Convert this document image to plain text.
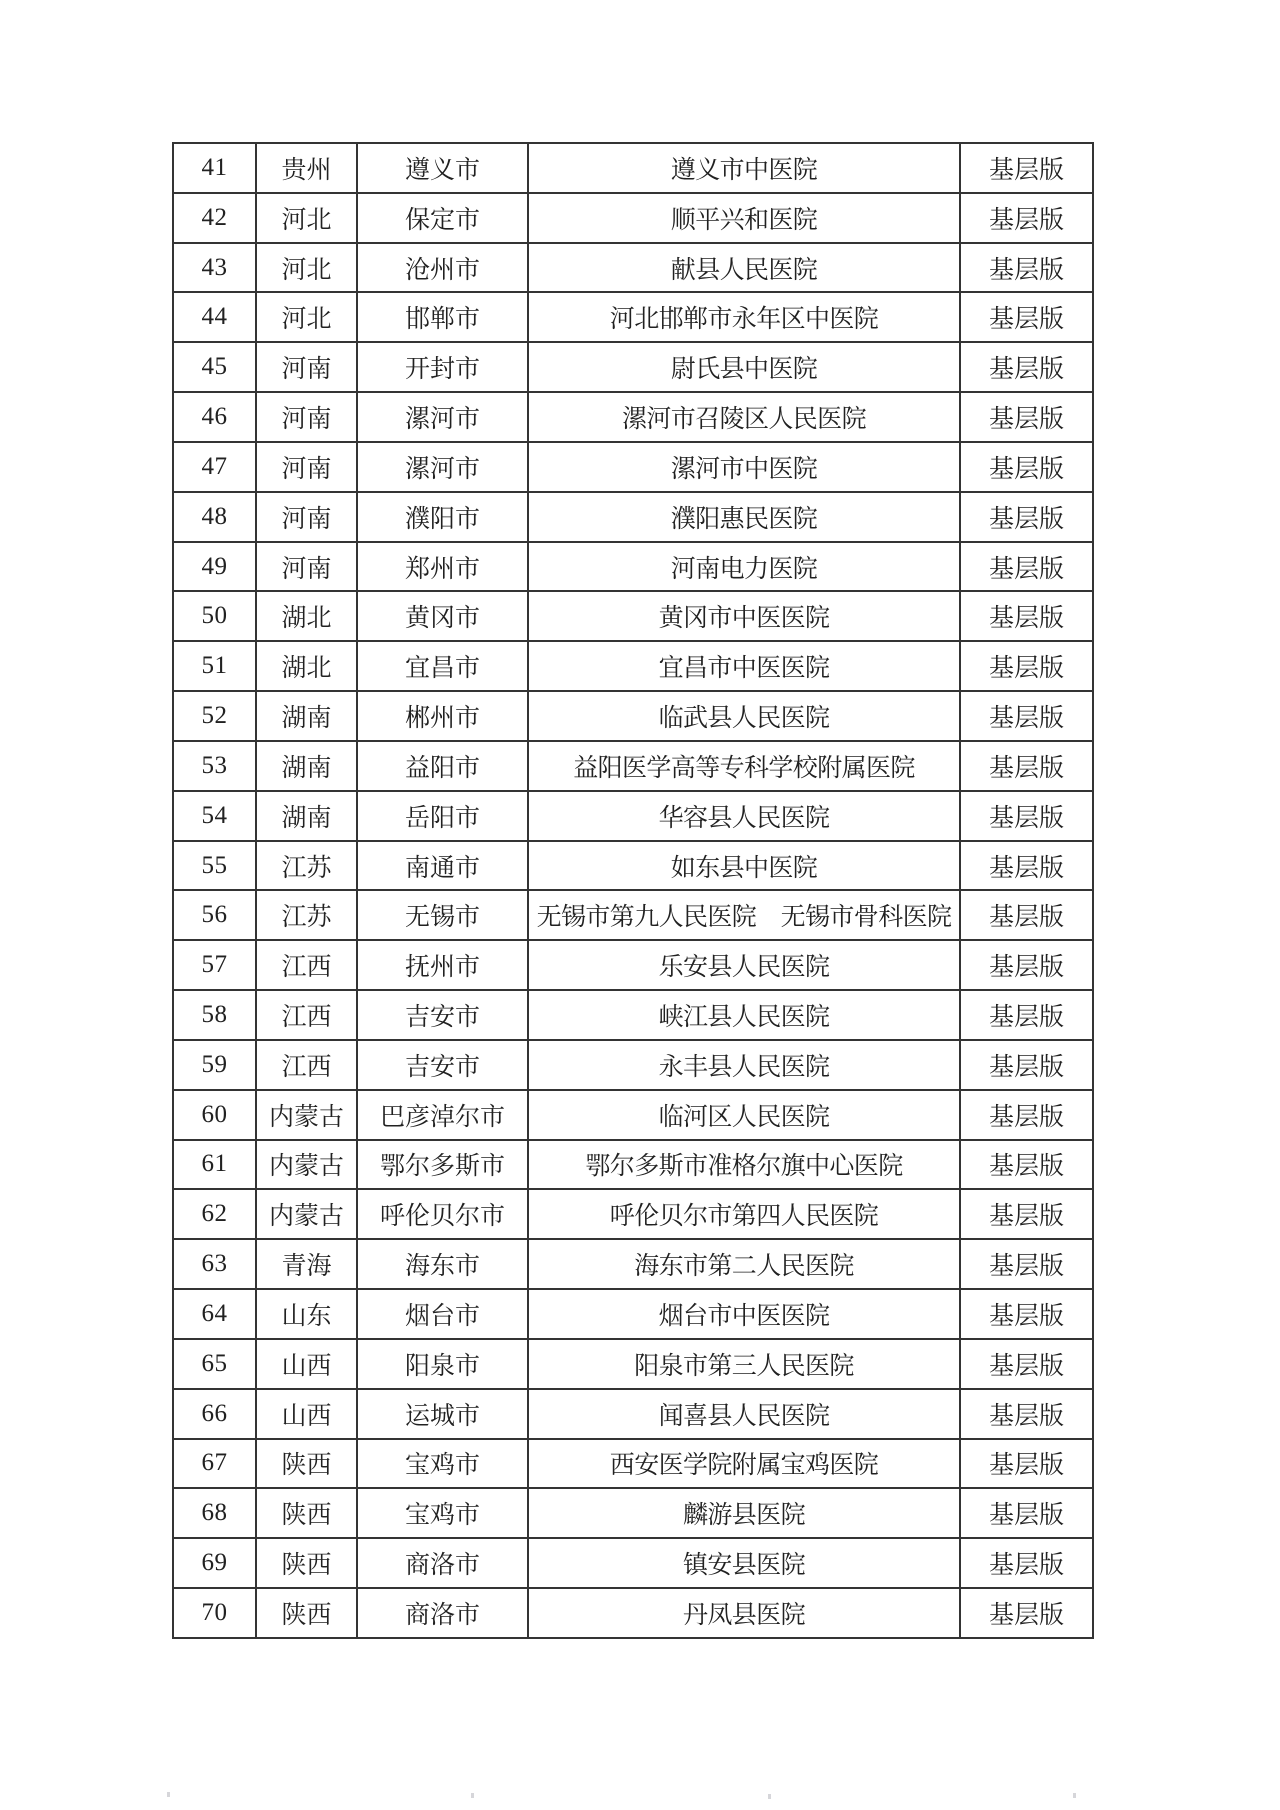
41	贵州	遵义市	遵义市中医院	基层版
42	河北	保定市	顺平兴和医院	基层版
43	河北	沧州市	献县人民医院	基层版
44	河北	邯郸市	河北邯郸市永年区中医院	基层版
45	河南	开封市	尉氏县中医院	基层版
46	河南	漯河市	漯河市召陵区人民医院	基层版
47	河南	漯河市	漯河市中医院	基层版
48	河南	濮阳市	濮阳惠民医院	基层版
49	河南	郑州市	河南电力医院	基层版
50	湖北	黄冈市	黄冈市中医医院	基层版
51	湖北	宜昌市	宜昌市中医医院	基层版
52	湖南	郴州市	临武县人民医院	基层版
53	湖南	益阳市	益阳医学高等专科学校附属医院	基层版
54	湖南	岳阳市	华容县人民医院	基层版
55	江苏	南通市	如东县中医院	基层版
56	江苏	无锡市	无锡市第九人民医院　无锡市骨科医院	基层版
57	江西	抚州市	乐安县人民医院	基层版
58	江西	吉安市	峡江县人民医院	基层版
59	江西	吉安市	永丰县人民医院	基层版
60	内蒙古	巴彦淖尔市	临河区人民医院	基层版
61	内蒙古	鄂尔多斯市	鄂尔多斯市准格尔旗中心医院	基层版
62	内蒙古	呼伦贝尔市	呼伦贝尔市第四人民医院	基层版
63	青海	海东市	海东市第二人民医院	基层版
64	山东	烟台市	烟台市中医医院	基层版
65	山西	阳泉市	阳泉市第三人民医院	基层版
66	山西	运城市	闻喜县人民医院	基层版
67	陕西	宝鸡市	西安医学院附属宝鸡医院	基层版
68	陕西	宝鸡市	麟游县医院	基层版
69	陕西	商洛市	镇安县医院	基层版
70	陕西	商洛市	丹凤县医院	基层版
